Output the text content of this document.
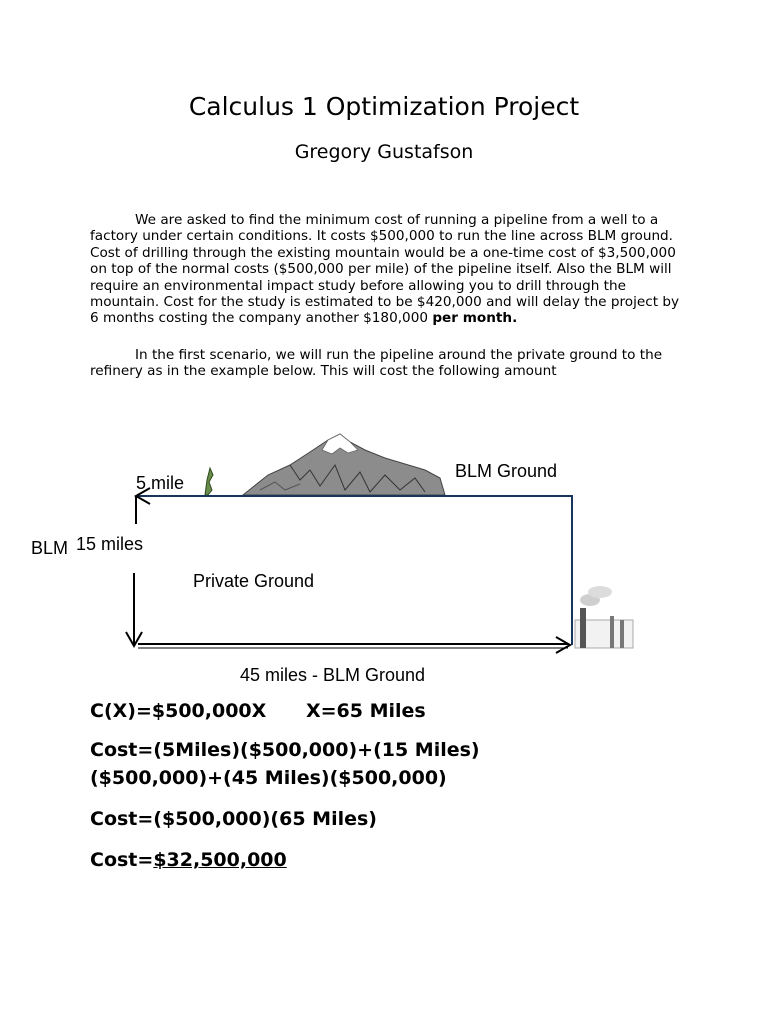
Calculus 1 Optimization Project
Gregory Gustafson
We are asked to find the minimum cost of running a pipeline from a well to a factory under certain conditions. It costs $500,000 to run the line across BLM ground. Cost of drilling through the existing mountain would be a one-time cost of $3,500,000 on top of the normal costs ($500,000 per mile) of the pipeline itself. Also the BLM will require an environmental impact study before allowing you to drill through the mountain. Cost for the study is estimated to be $420,000 and will delay the project by 6 months costing the company another $180,000 per month.
In the first scenario, we will run the pipeline around the private ground to the refinery as in the example below. This will cost the following amount
5 mile
BLM Ground
BLM 15 miles
Private Ground
45 miles - BLM Ground
C(X)=$500,000X      X=65 Miles
Cost=(5Miles)($500,000)+(15 Miles)
($500,000)+(45 Miles)($500,000)
Cost=($500,000)(65 Miles)
Cost=$32,500,000
